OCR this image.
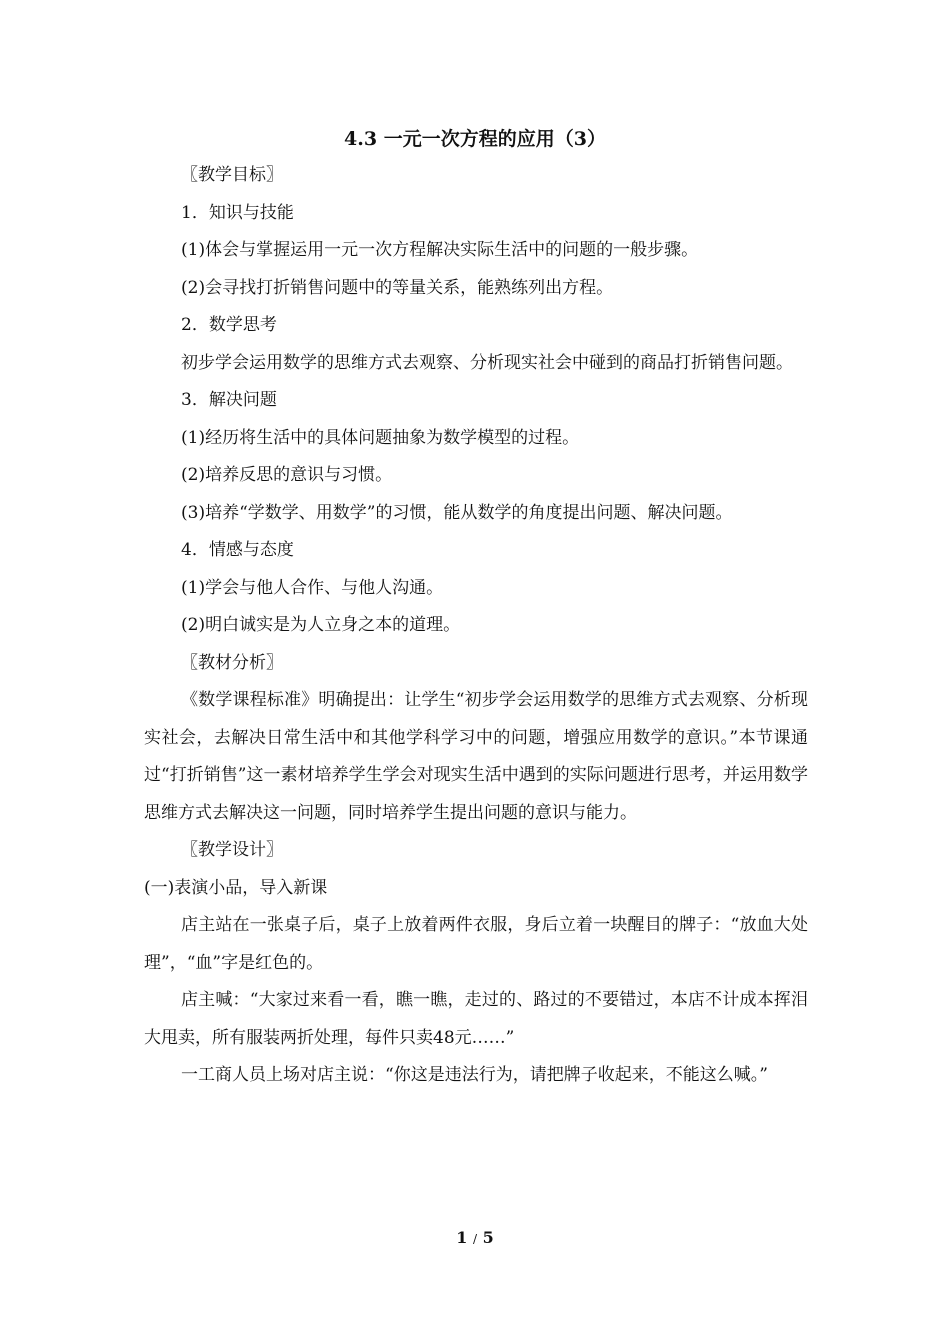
4.3 一元一次方程的应用（3）

〖教学目标〗

1．知识与技能

(1)体会与掌握运用一元一次方程解决实际生活中的问题的一般步骤。

(2)会寻找打折销售问题中的等量关系，能熟练列出方程。

2．数学思考

初步学会运用数学的思维方式去观察、分析现实社会中碰到的商品打折销售问题。

3．解决问题

(1)经历将生活中的具体问题抽象为数学模型的过程。

(2)培养反思的意识与习惯。

(3)培养“学数学、用数学”的习惯，能从数学的角度提出问题、解决问题。

4．情感与态度

(1)学会与他人合作、与他人沟通。

(2)明白诚实是为人立身之本的道理。

〖教材分析〗

《数学课程标准》明确提出：让学生“初步学会运用数学的思维方式去观察、分析现实社会，去解决日常生活中和其他学科学习中的问题，增强应用数学的意识。”本节课通过“打折销售”这一素材培养学生学会对现实生活中遇到的实际问题进行思考，并运用数学思维方式去解决这一问题，同时培养学生提出问题的意识与能力。

〖教学设计〗

(一)表演小品，导入新课

店主站在一张桌子后，桌子上放着两件衣服，身后立着一块醒目的牌子：“放血大处理”，“血”字是红色的。

店主喊：“大家过来看一看，瞧一瞧，走过的、路过的不要错过，本店不计成本挥泪大甩卖，所有服装两折处理，每件只卖48元……”

一工商人员上场对店主说：“你这是违法行为，请把牌子收起来，不能这么喊。”

1 / 5
